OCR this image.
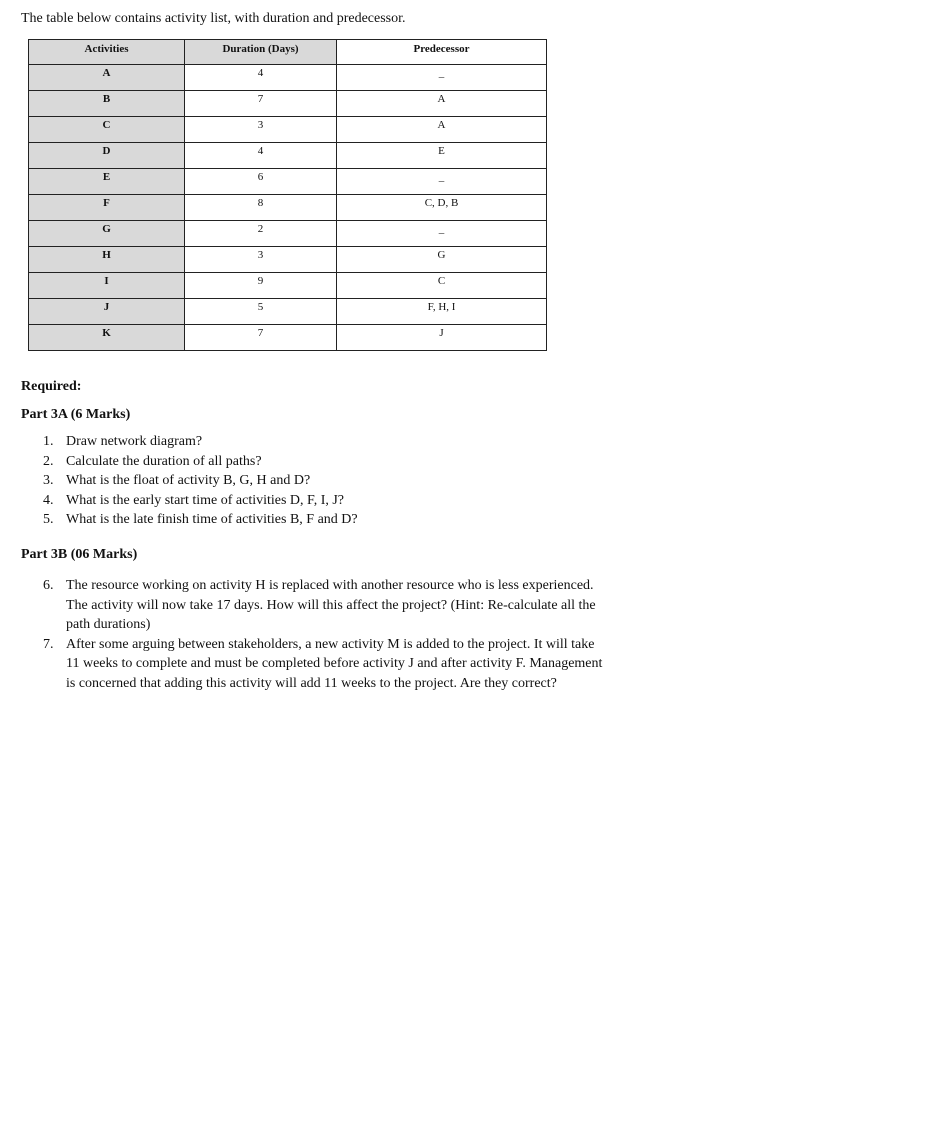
The table below contains activity list, with duration and predecessor.
Activities	Duration (Days)	Predecessor
A	4	_
B	7	A
C	3	A
D	4	E
E	6	_
F	8	C, D, B
G	2	_
H	3	G
I	9	C
J	5	F, H, I
K	7	J
Required:
Part 3A (6 Marks)
1. Draw network diagram?
2. Calculate the duration of all paths?
3. What is the float of activity B, G, H and D?
4. What is the early start time of activities D, F, I, J?
5. What is the late finish time of activities B, F and D?
Part 3B (06 Marks)
6. The resource working on activity H is replaced with another resource who is less experienced. The activity will now take 17 days. How will this affect the project? (Hint: Re-calculate all the path durations)
7. After some arguing between stakeholders, a new activity M is added to the project. It will take 11 weeks to complete and must be completed before activity J and after activity F. Management is concerned that adding this activity will add 11 weeks to the project. Are they correct?
